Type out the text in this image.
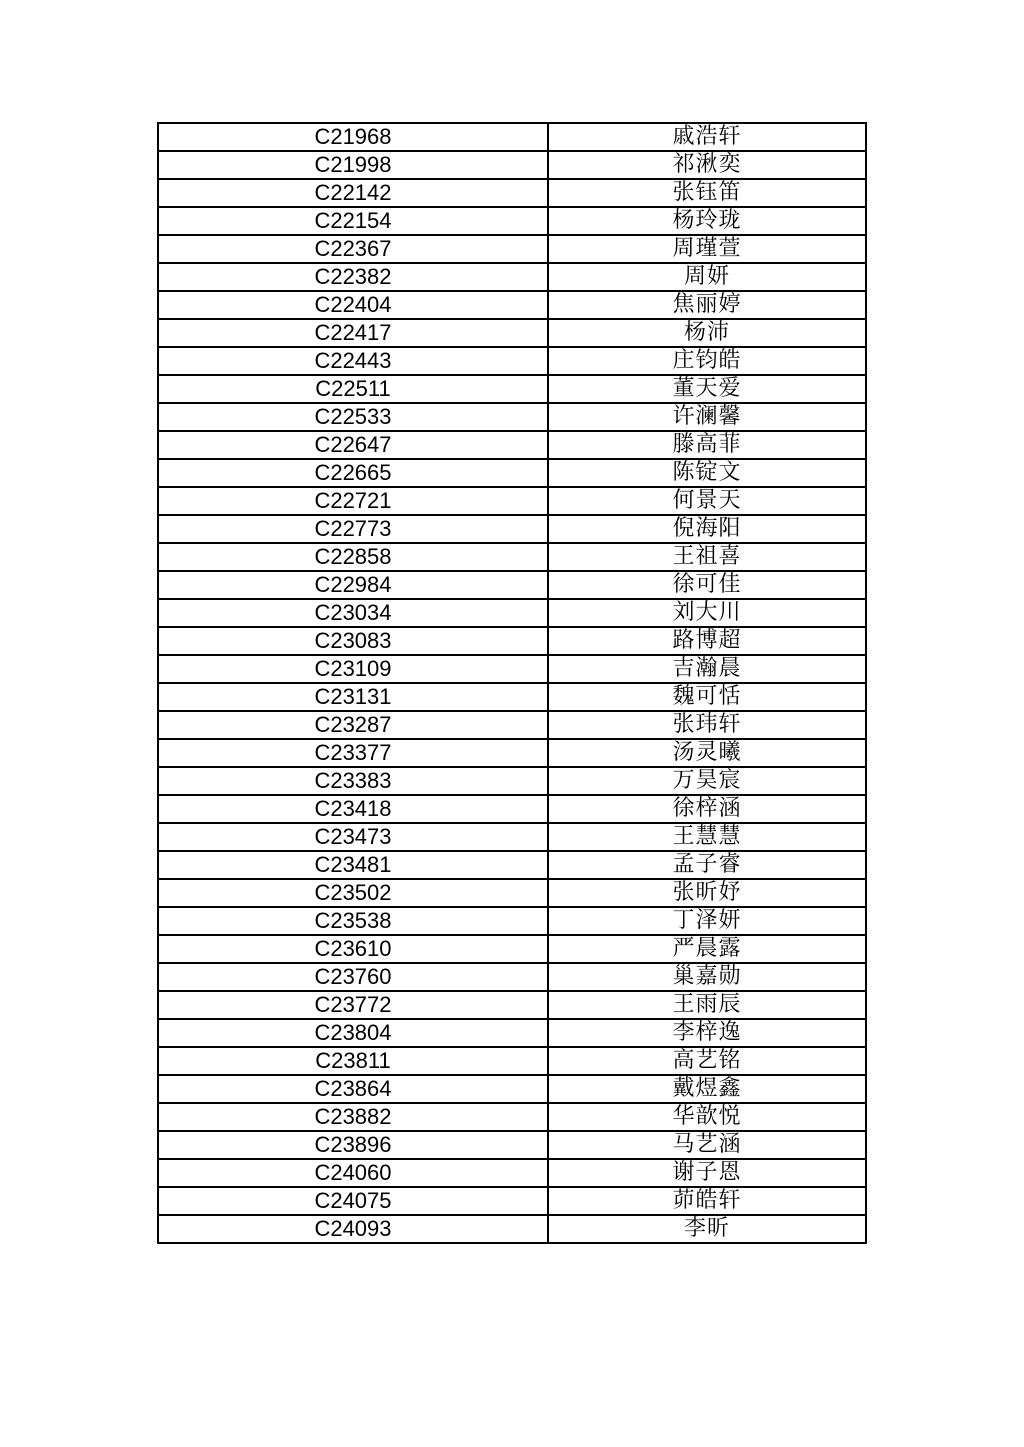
C21968	戚浩轩
C21998	祁湫奕
C22142	张钰笛
C22154	杨玲珑
C22367	周瑾萱
C22382	周妍
C22404	焦丽婷
C22417	杨沛
C22443	庄钧皓
C22511	董天爱
C22533	许澜馨
C22647	滕高菲
C22665	陈锭文
C22721	何景天
C22773	倪海阳
C22858	王祖喜
C22984	徐可佳
C23034	刘大川
C23083	路博超
C23109	吉瀚晨
C23131	魏可恬
C23287	张玮轩
C23377	汤灵曦
C23383	万昊宸
C23418	徐梓涵
C23473	王慧慧
C23481	孟子睿
C23502	张昕妤
C23538	丁泽妍
C23610	严晨露
C23760	巢嘉勋
C23772	王雨辰
C23804	李梓逸
C23811	高艺铭
C23864	戴煜鑫
C23882	华歆悦
C23896	马艺涵
C24060	谢子恩
C24075	茆皓轩
C24093	李昕
